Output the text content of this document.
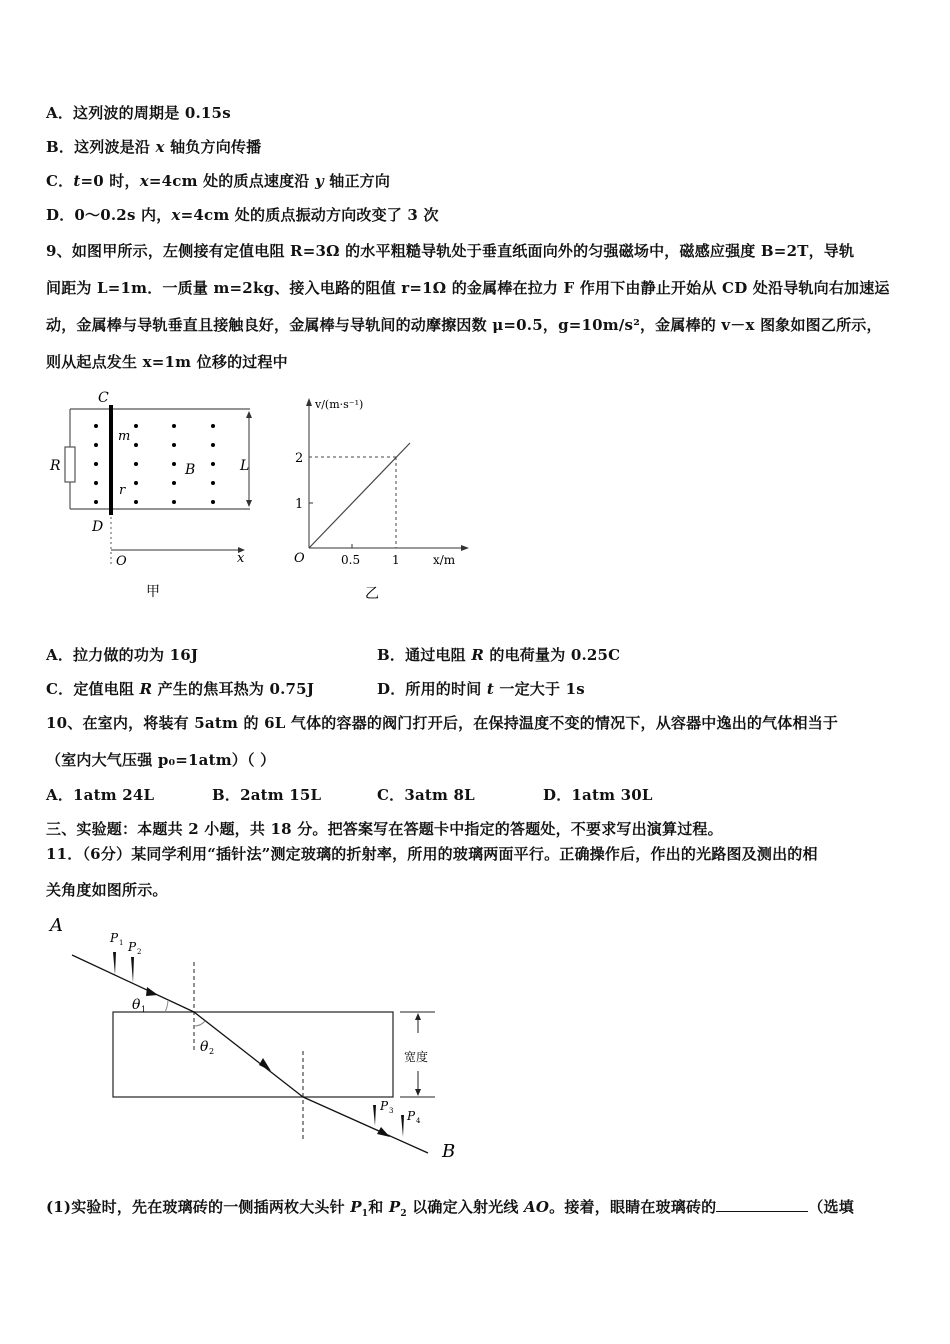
A．这列波的周期是 0.15s
B．这列波是沿 x 轴负方向传播
C．t=0 时，x=4cm 处的质点速度沿 y 轴正方向
D．0～0.2s 内，x=4cm 处的质点振动方向改变了 3 次
9、如图甲所示，左侧接有定值电阻 R=3Ω 的水平粗糙导轨处于垂直纸面向外的匀强磁场中，磁感应强度 B=2T，导轨
间距为 L=1m．一质量 m=2kg、接入电路的阻值 r=1Ω 的金属棒在拉力 F 作用下由静止开始从 CD 处沿导轨向右加速运
动，金属棒与导轨垂直且接触良好，金属棒与导轨间的动摩擦因数 μ=0.5，g=10m/s²，金属棒的 v－x 图象如图乙所示，
则从起点发生 x=1m 位移的过程中
C
D
R
m
r
B	L
O	x
甲
v/(m·s⁻¹)
2
1
O	0.5	1	x/m
乙
A．拉力做的功为 16J	B．通过电阻 R 的电荷量为 0.25C
C．定值电阻 R 产生的焦耳热为 0.75J	D．所用的时间 t 一定大于 1s
10、在室内，将装有 5atm 的 6L 气体的容器的阀门打开后，在保持温度不变的情况下，从容器中逸出的气体相当于
（室内大气压强 p₀=1atm）（ ）
A．1atm 24L	B．2atm 15L	C．3atm 8L	D．1atm 30L
三、实验题：本题共 2 小题，共 18 分。把答案写在答题卡中指定的答题处，不要求写出演算过程。
11．（6分）某同学利用“插针法”测定玻璃的折射率，所用的玻璃两面平行。正确操作后，作出的光路图及测出的相
关角度如图所示。
宽度
A
B
P 1 P 2
P 3 P 4
θ 1
θ 2
(1)实验时，先在玻璃砖的一侧插两枚大头针 $P_1$和 $P_2$ 以确定入射光线 AO。接着，眼睛在玻璃砖的	（选填
